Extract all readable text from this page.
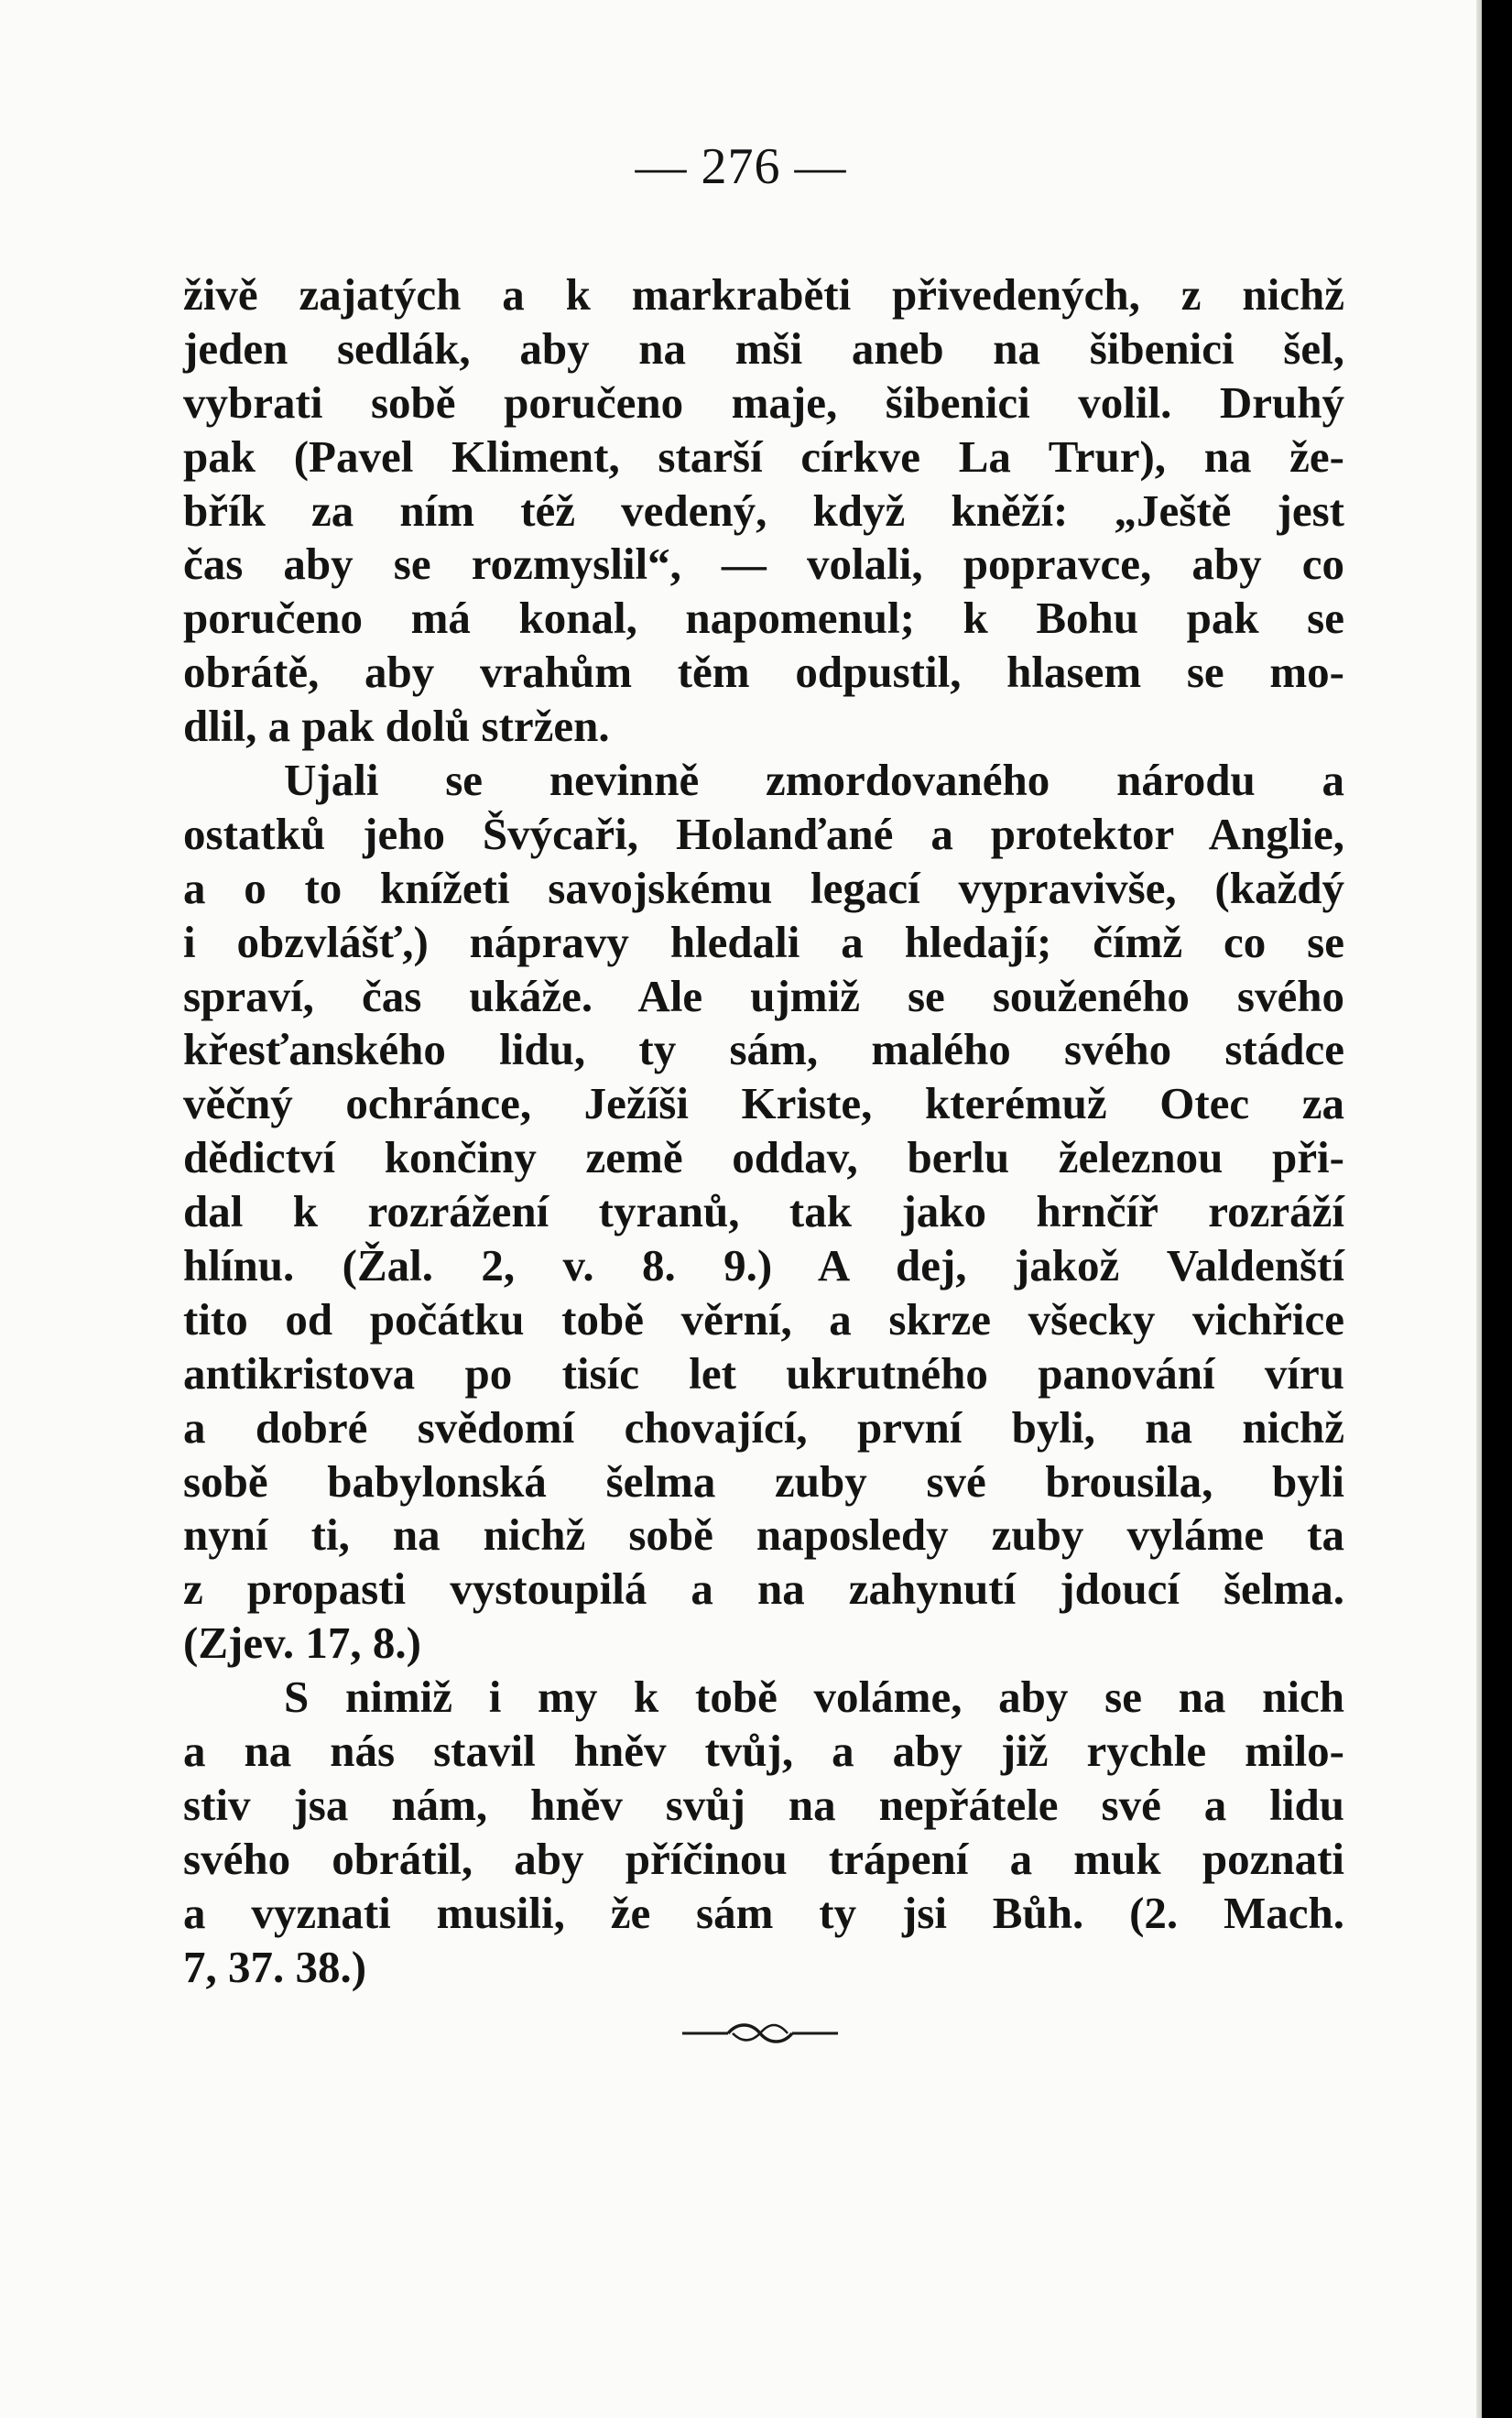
— 276 —
živě zajatých a k markraběti přivedených, z nichž
jeden sedlák, aby na mši aneb na šibenici šel,
vybrati sobě poručeno maje, šibenici volil. Druhý
pak (Pavel Kliment, starší církve La Trur), na že-
břík za ním též vedený, když kněží: „Ještě jest
čas aby se rozmyslil“, — volali, popravce, aby co
poručeno má konal, napomenul; k Bohu pak se
obrátě, aby vrahům těm odpustil, hlasem se mo-
dlil, a pak dolů stržen.
Ujali se nevinně zmordovaného národu a
ostatků jeho Švýcaři, Holanďané a protektor Anglie,
a o to knížeti savojskému legací vypravivše, (každý
i obzvlášť,) nápravy hledali a hledají; čímž co se
spraví, čas ukáže. Ale ujmiž se souženého svého
křesťanského lidu, ty sám, malého svého stádce
věčný ochránce, Ježíši Kriste, kterémuž Otec za
dědictví končiny země oddav, berlu železnou při-
dal k rozrážení tyranů, tak jako hrnčíř rozráží
hlínu. (Žal. 2, v. 8. 9.) A dej, jakož Valdenští
tito od počátku tobě věrní, a skrze všecky vichřice
antikristova po tisíc let ukrutného panování víru
a dobré svědomí chovající, první byli, na nichž
sobě babylonská šelma zuby své brousila, byli
nyní ti, na nichž sobě naposledy zuby vyláme ta
z propasti vystoupilá a na zahynutí jdoucí šelma.
(Zjev. 17, 8.)
S nimiž i my k tobě voláme, aby se na nich
a na nás stavil hněv tvůj, a aby již rychle milo-
stiv jsa nám, hněv svůj na nepřátele své a lidu
svého obrátil, aby příčinou trápení a muk poznati
a vyznati musili, že sám ty jsi Bůh. (2. Mach.
7, 37. 38.)
